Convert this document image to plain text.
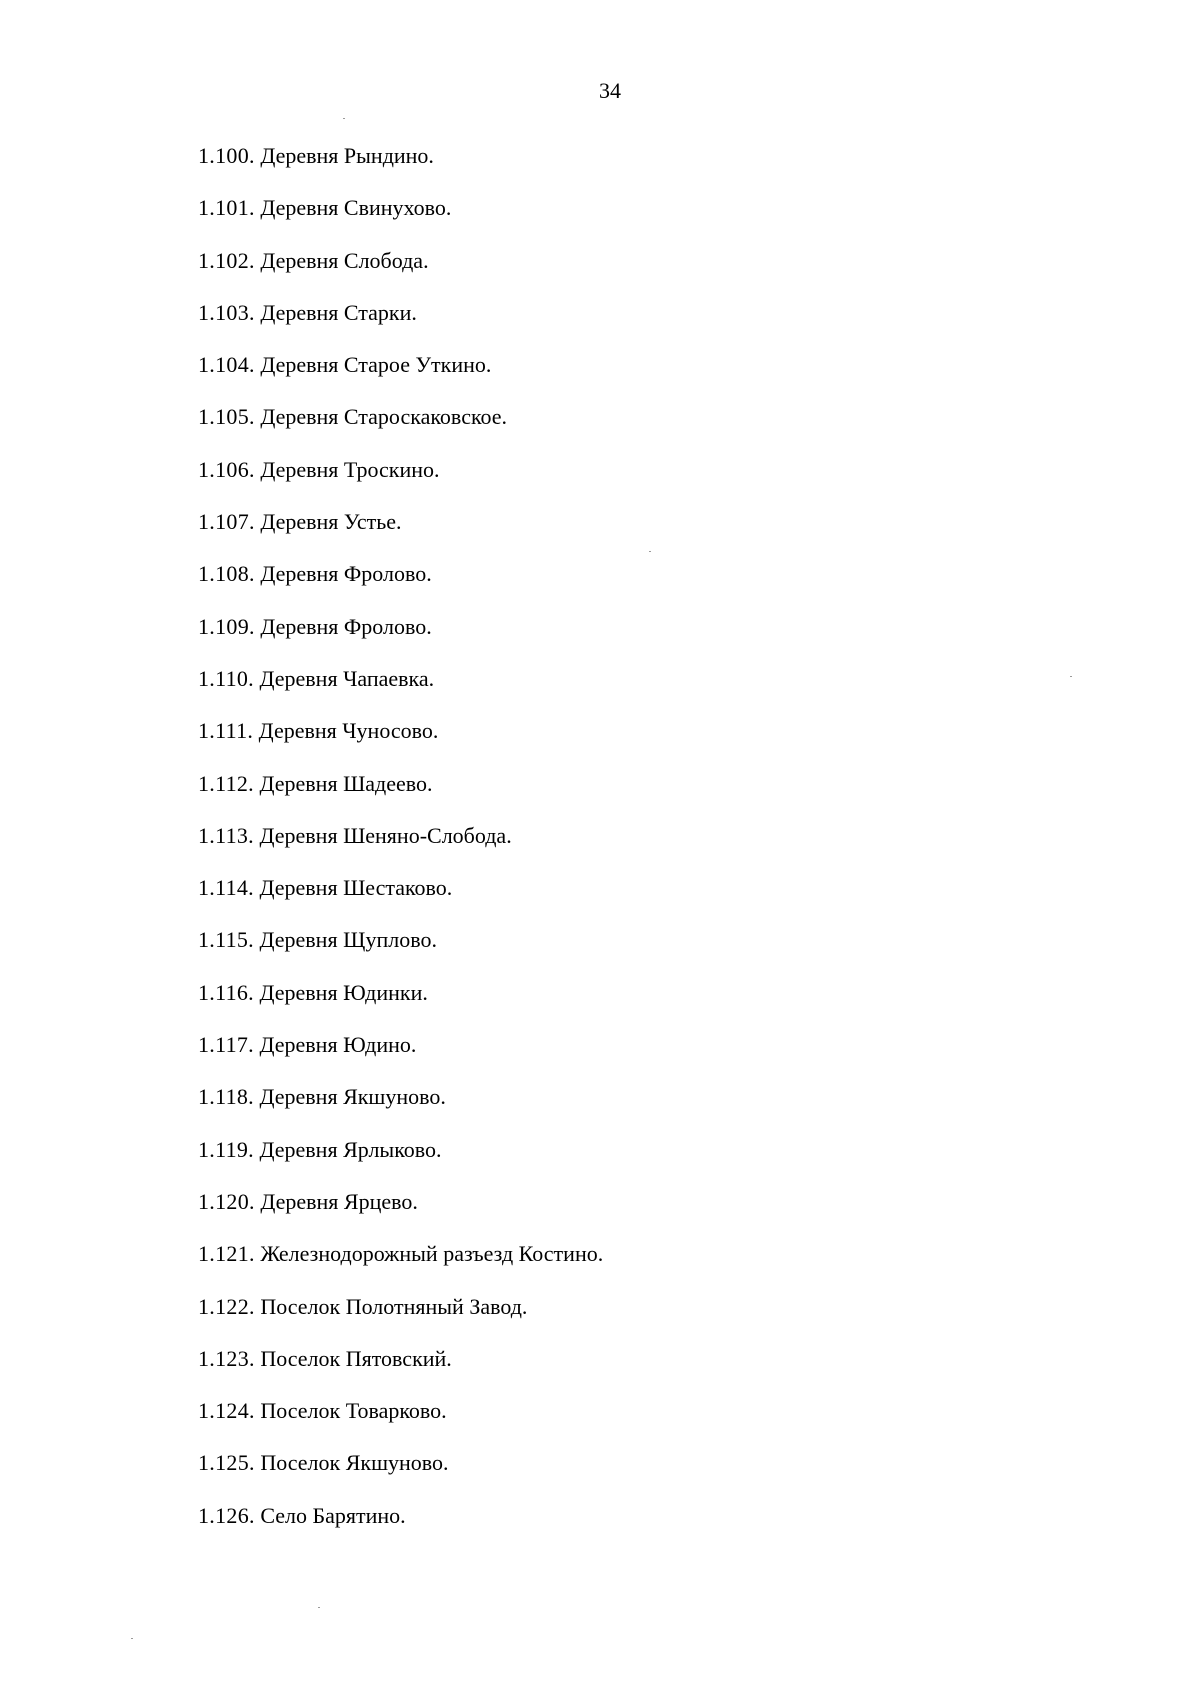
34
1.100. Деревня Рындино.
1.101. Деревня Свинухово.
1.102. Деревня Слобода.
1.103. Деревня Старки.
1.104. Деревня Старое Уткино.
1.105. Деревня Староскаковское.
1.106. Деревня Троскино.
1.107. Деревня Устье.
1.108. Деревня Фролово.
1.109. Деревня Фролово.
1.110. Деревня Чапаевка.
1.111. Деревня Чуносово.
1.112. Деревня Шадеево.
1.113. Деревня Шеняно-Слобода.
1.114. Деревня Шестаково.
1.115. Деревня Щуплово.
1.116. Деревня Юдинки.
1.117. Деревня Юдино.
1.118. Деревня Якшуново.
1.119. Деревня Ярлыково.
1.120. Деревня Ярцево.
1.121. Железнодорожный разъезд Костино.
1.122. Поселок Полотняный Завод.
1.123. Поселок Пятовский.
1.124. Поселок Товарково.
1.125. Поселок Якшуново.
1.126. Село Барятино.
